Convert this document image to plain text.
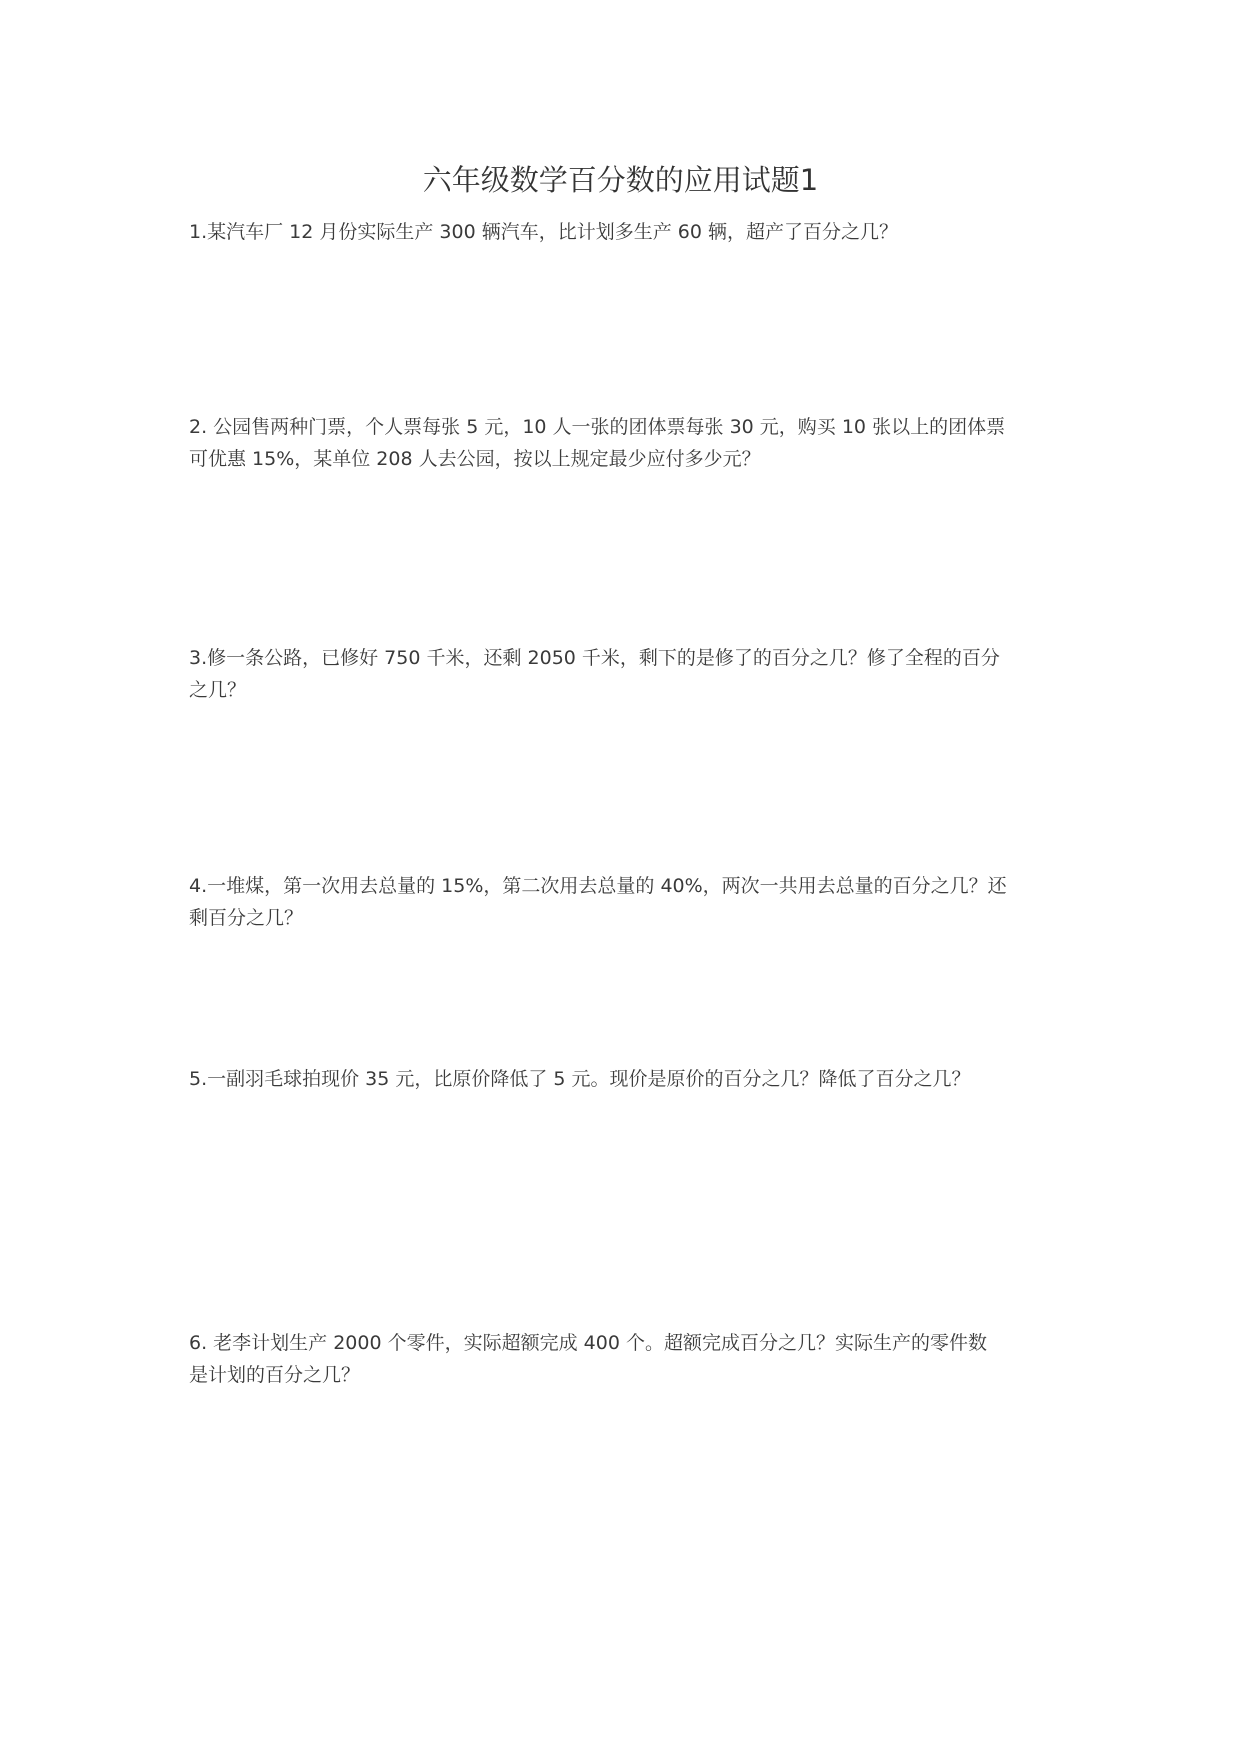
六年级数学百分数的应用试题1

1.某汽车厂 12 月份实际生产 300 辆汽车，比计划多生产 60 辆，超产了百分之几？

2. 公园售两种门票，个人票每张 5 元，10 人一张的团体票每张 30 元，购买 10 张以上的团体票
可优惠 15%，某单位 208 人去公园，按以上规定最少应付多少元？

3.修一条公路，已修好 750 千米，还剩 2050 千米，剩下的是修了的百分之几？修了全程的百分
之几？

4.一堆煤，第一次用去总量的 15%，第二次用去总量的 40%，两次一共用去总量的百分之几？还
剩百分之几？

5.一副羽毛球拍现价 35 元，比原价降低了 5 元。现价是原价的百分之几？降低了百分之几？

6. 老李计划生产 2000 个零件，实际超额完成 400 个。超额完成百分之几？实际生产的零件数
是计划的百分之几？
